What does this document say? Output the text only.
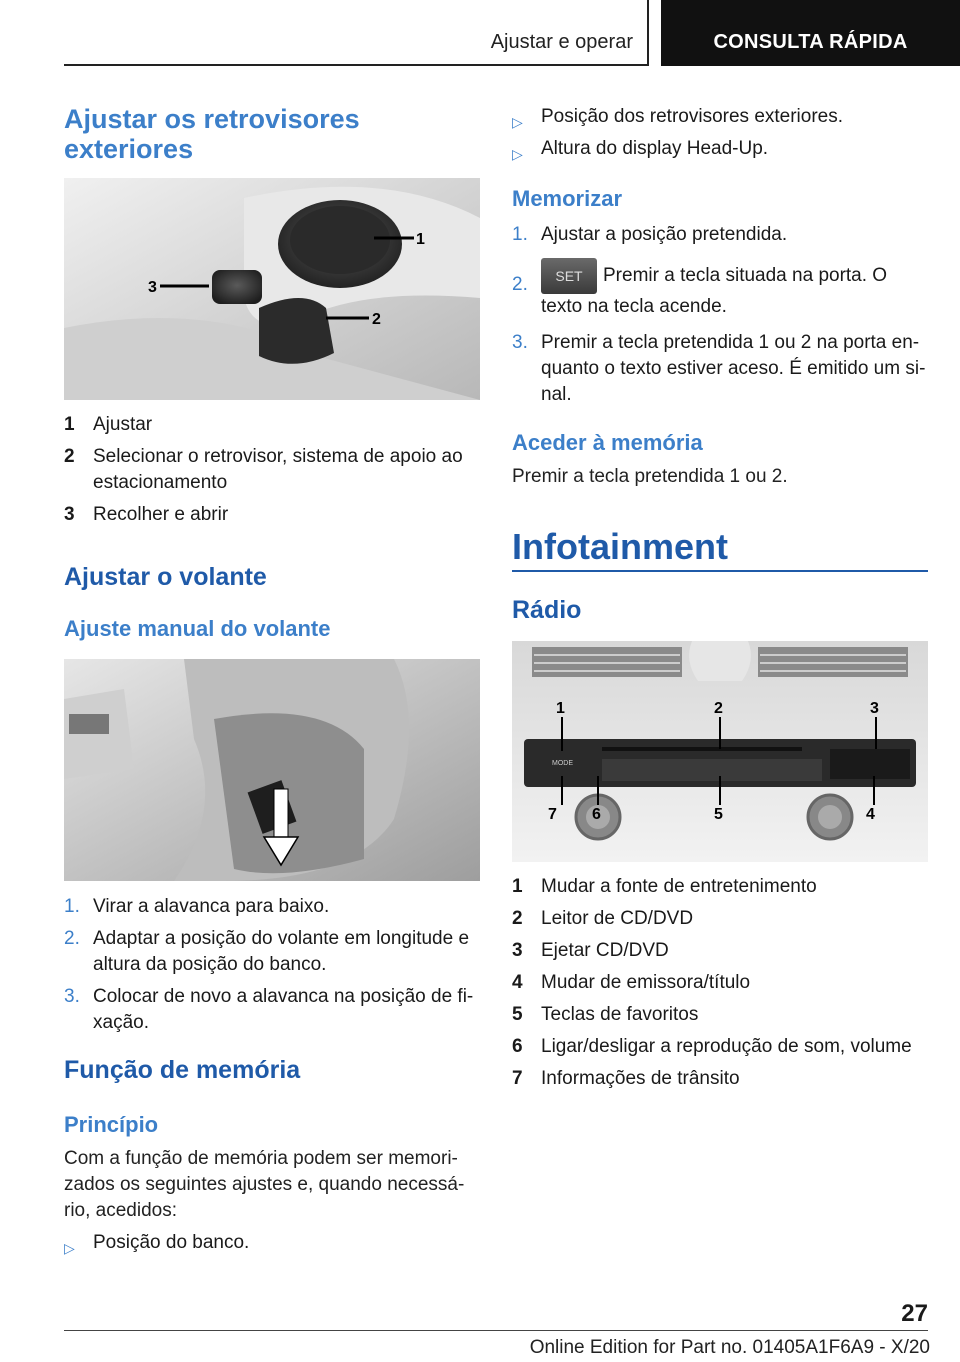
Ajustar e operar	CONSULTA RÁPIDA
Ajustar os retrovisores exteriores
1
2
3
1 Ajustar
2 Selecionar o retrovisor, sistema de apoio ao estacionamento
3 Recolher e abrir
Ajustar o volante
Ajuste manual do volante
1. Virar a alavanca para baixo.
2. Adaptar a posição do volante em longitude e altura da posição do banco.
3. Colocar de novo a alavanca na posição de fi-xação.
Função de memória
Princípio
Com a função de memória podem ser memori-zados os seguintes ajustes e, quando necessá-rio, acedidos:
▷ Posição do banco.
▷ Posição dos retrovisores exteriores.
▷ Altura do display Head-Up.
Memorizar
1. Ajustar a posição pretendida.
2.	SET Premir a tecla situada na porta. O texto na tecla acende.
3. Premir a tecla pretendida 1 ou 2 na porta en-quanto o texto estiver aceso. É emitido um si-nal.
Aceder à memória
Premir a tecla pretendida 1 ou 2.
Infotainment
Rádio
MODE
1	2	3
7 6	5	4
1 Mudar a fonte de entretenimento
2 Leitor de CD/DVD
3 Ejetar CD/DVD
4 Mudar de emissora/título
5 Teclas de favoritos
6 Ligar/desligar a reprodução de som, volume
7 Informações de trânsito
27
Online Edition for Part no. 01405A1F6A9 - X/20
